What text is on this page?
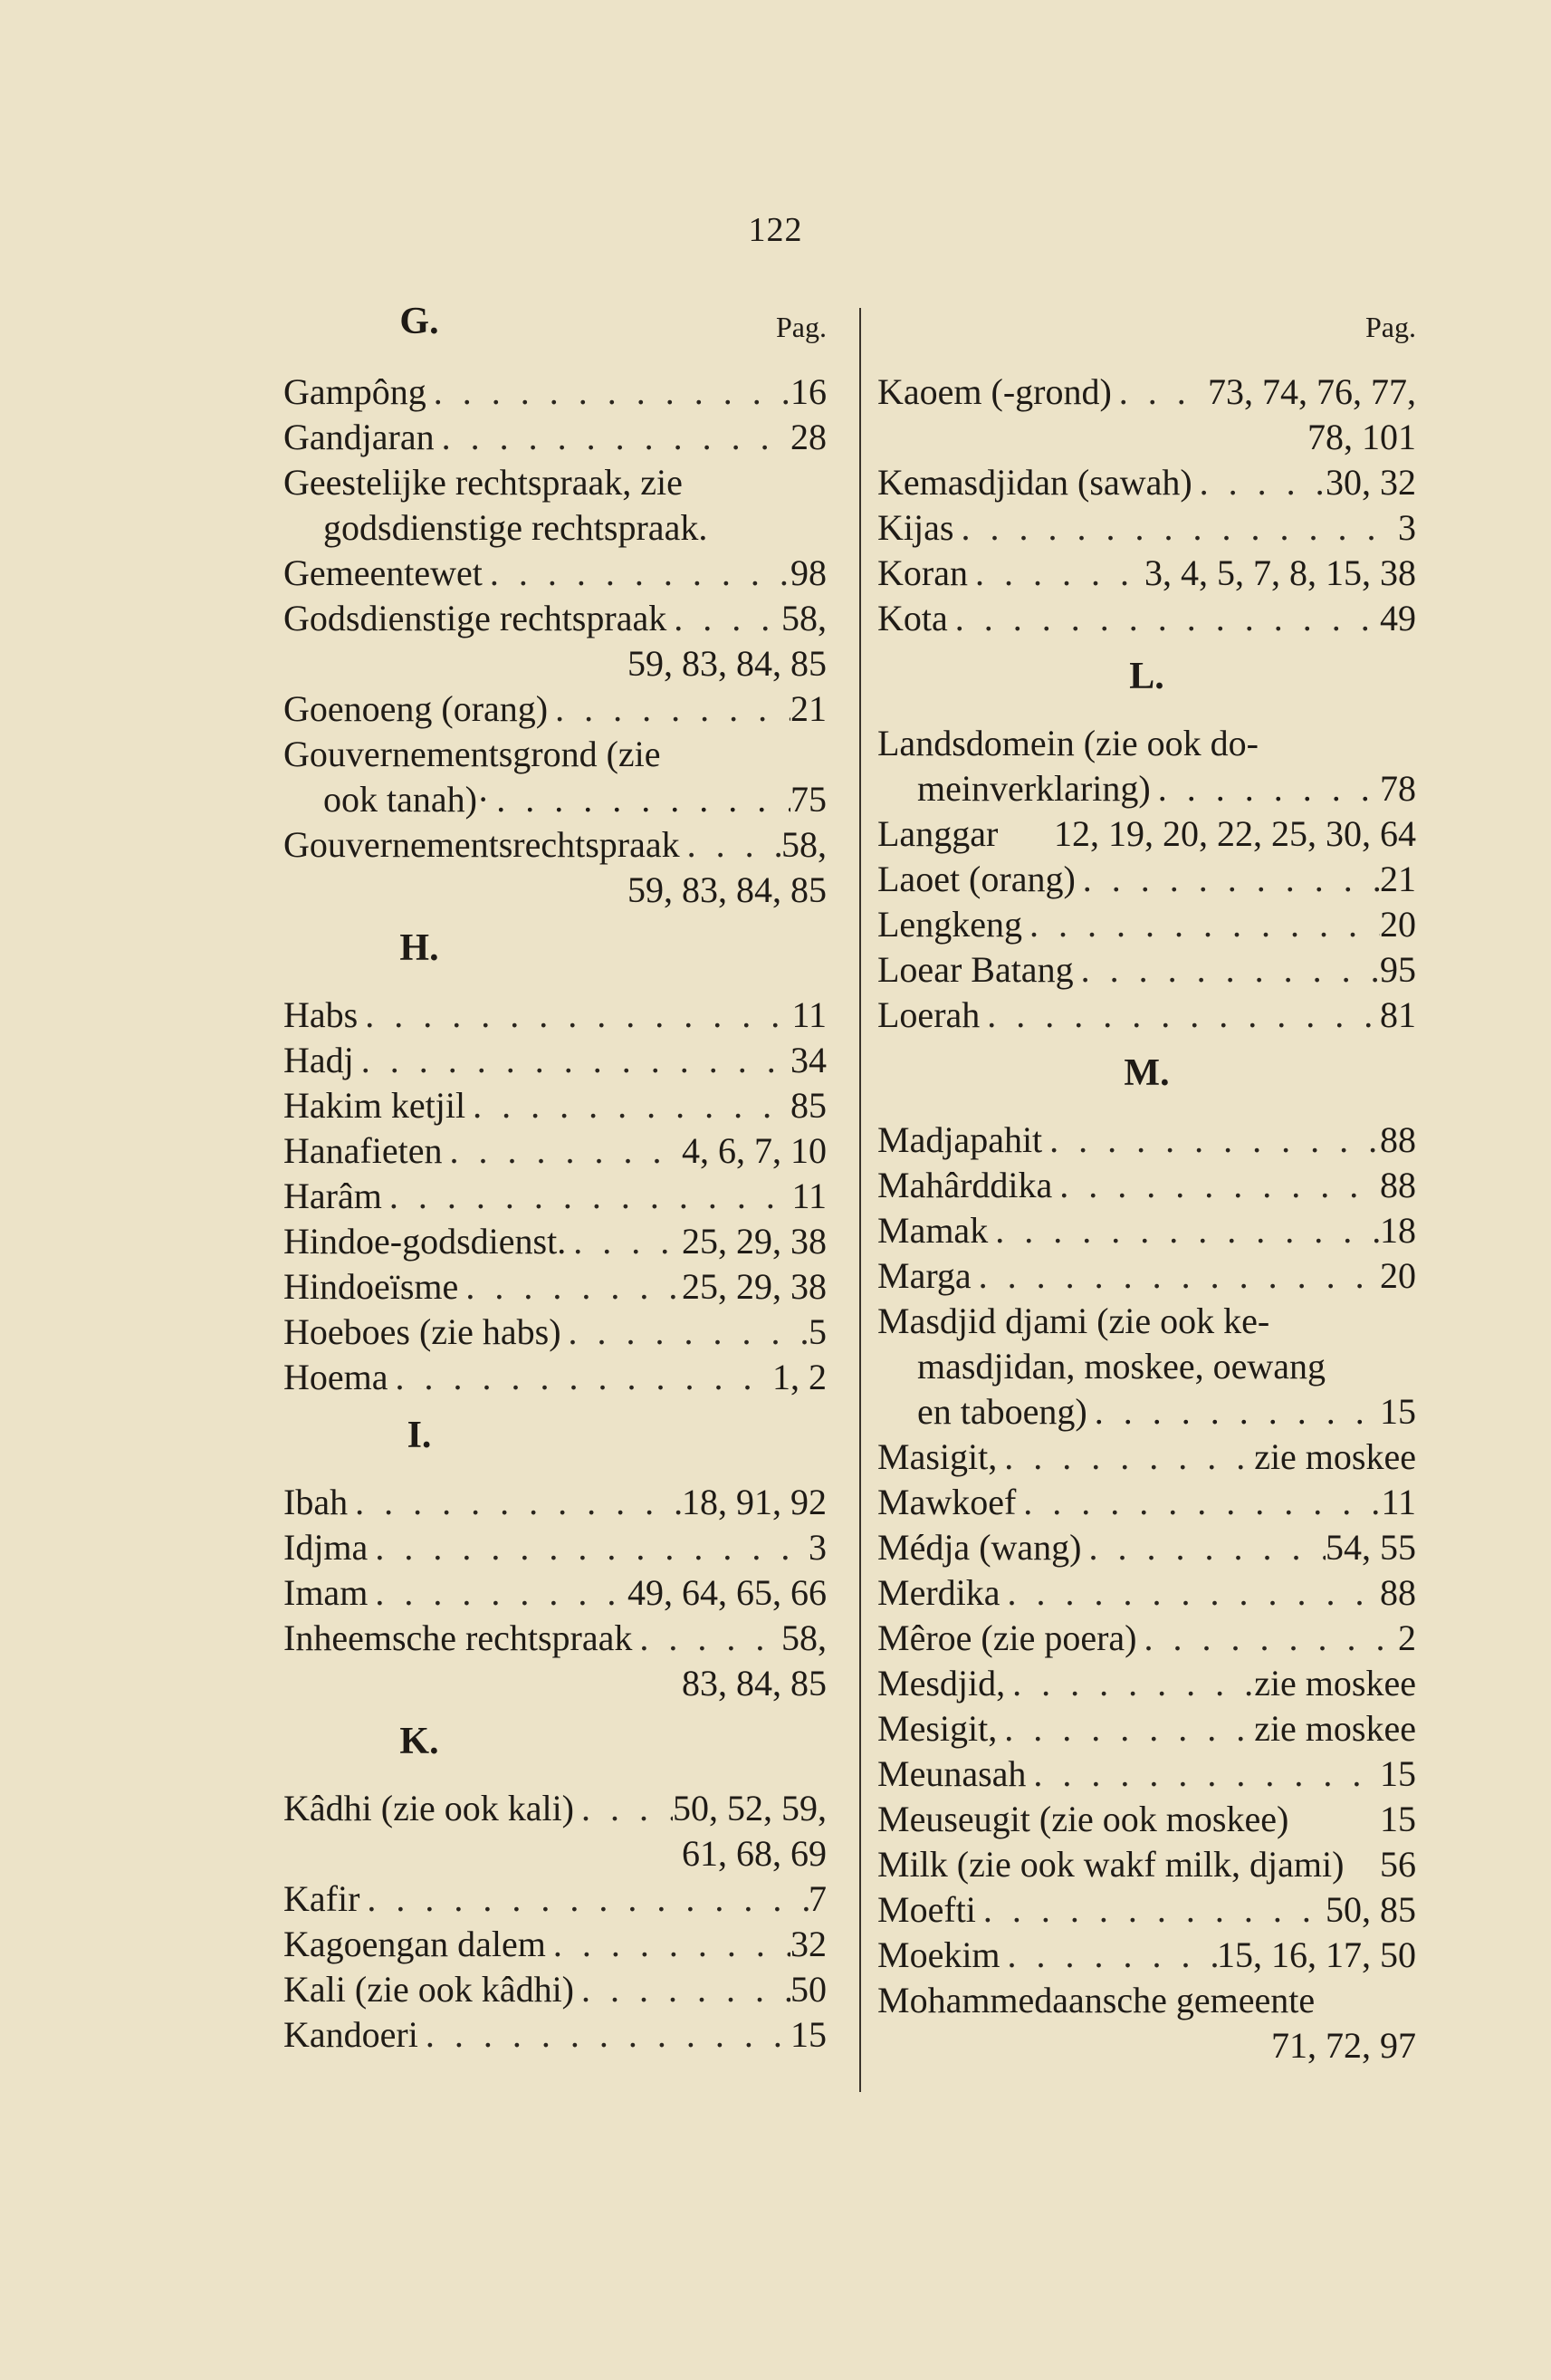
122
G.	Pag.
Gampông . . .	16
Gandjaran . . .	28
Geestelijke rechtspraak, zie
godsdienstige rechtspraak.
Gemeentewet . . .	98
Godsdienstige rechtspraak . . .	58,
59, 83, 84, 85
Goenoeng (orang) . . .	21
Gouvernementsgrond (zie
ook tanah)· . . .	75
Gouvernementsrechtspraak . . .	58,
59, 83, 84, 85
H.
Habs . . .	11
Hadj . . .	34
Hakim ketjil . . .	85
Hanafieten . . .	4, 6, 7, 10
Harâm . . .	11
Hindoe-godsdienst. . . .	25, 29, 38
Hindoeïsme . . .	25, 29, 38
Hoeboes (zie habs) . . .	5
Hoema . . .	1, 2
I.
Ibah . . .	18, 91, 92
Idjma . . .	3
Imam . . .	49, 64, 65, 66
Inheemsche rechtspraak . . .	58,
83, 84, 85
K.
Kâdhi (zie ook kali) . . .	50, 52, 59,
61, 68, 69
Kafir . . .	7
Kagoengan dalem . . .	32
Kali (zie ook kâdhi) . . .	50
Kandoeri . . .	15
Pag.
Kaoem (-grond) . . .	73, 74, 76, 77,
78, 101
Kemasdjidan (sawah) . . .	30, 32
Kijas . . .	3
Koran . . .	3, 4, 5, 7, 8, 15, 38
Kota . . .	49
L.
Landsdomein (zie ook do-
meinverklaring) . . .	78
Langgar 12, 19, 20, 22, 25, 30, 64
Laoet (orang) . . .	21
Lengkeng . . .	20
Loear Batang . . .	95
Loerah . . .	81
M.
Madjapahit . . .	88
Mahârddika . . .	88
Mamak . . .	18
Marga . . .	20
Masdjid djami (zie ook ke-
masdjidan, moskee, oewang
en taboeng) . . .	15
Masigit, . . .	zie moskee
Mawkoef . . .	11
Médja (wang) . . .	54, 55
Merdika . . .	88
Mêroe (zie poera) . . .	2
Mesdjid, . . .	zie moskee
Mesigit, . . .	zie moskee
Meunasah . . .	15
Meuseugit (zie ook moskee)	15
Milk (zie ook wakf milk, djami) 56
Moefti . . .	50, 85
Moekim . . .	15, 16, 17, 50
Mohammedaansche gemeente
71, 72, 97
